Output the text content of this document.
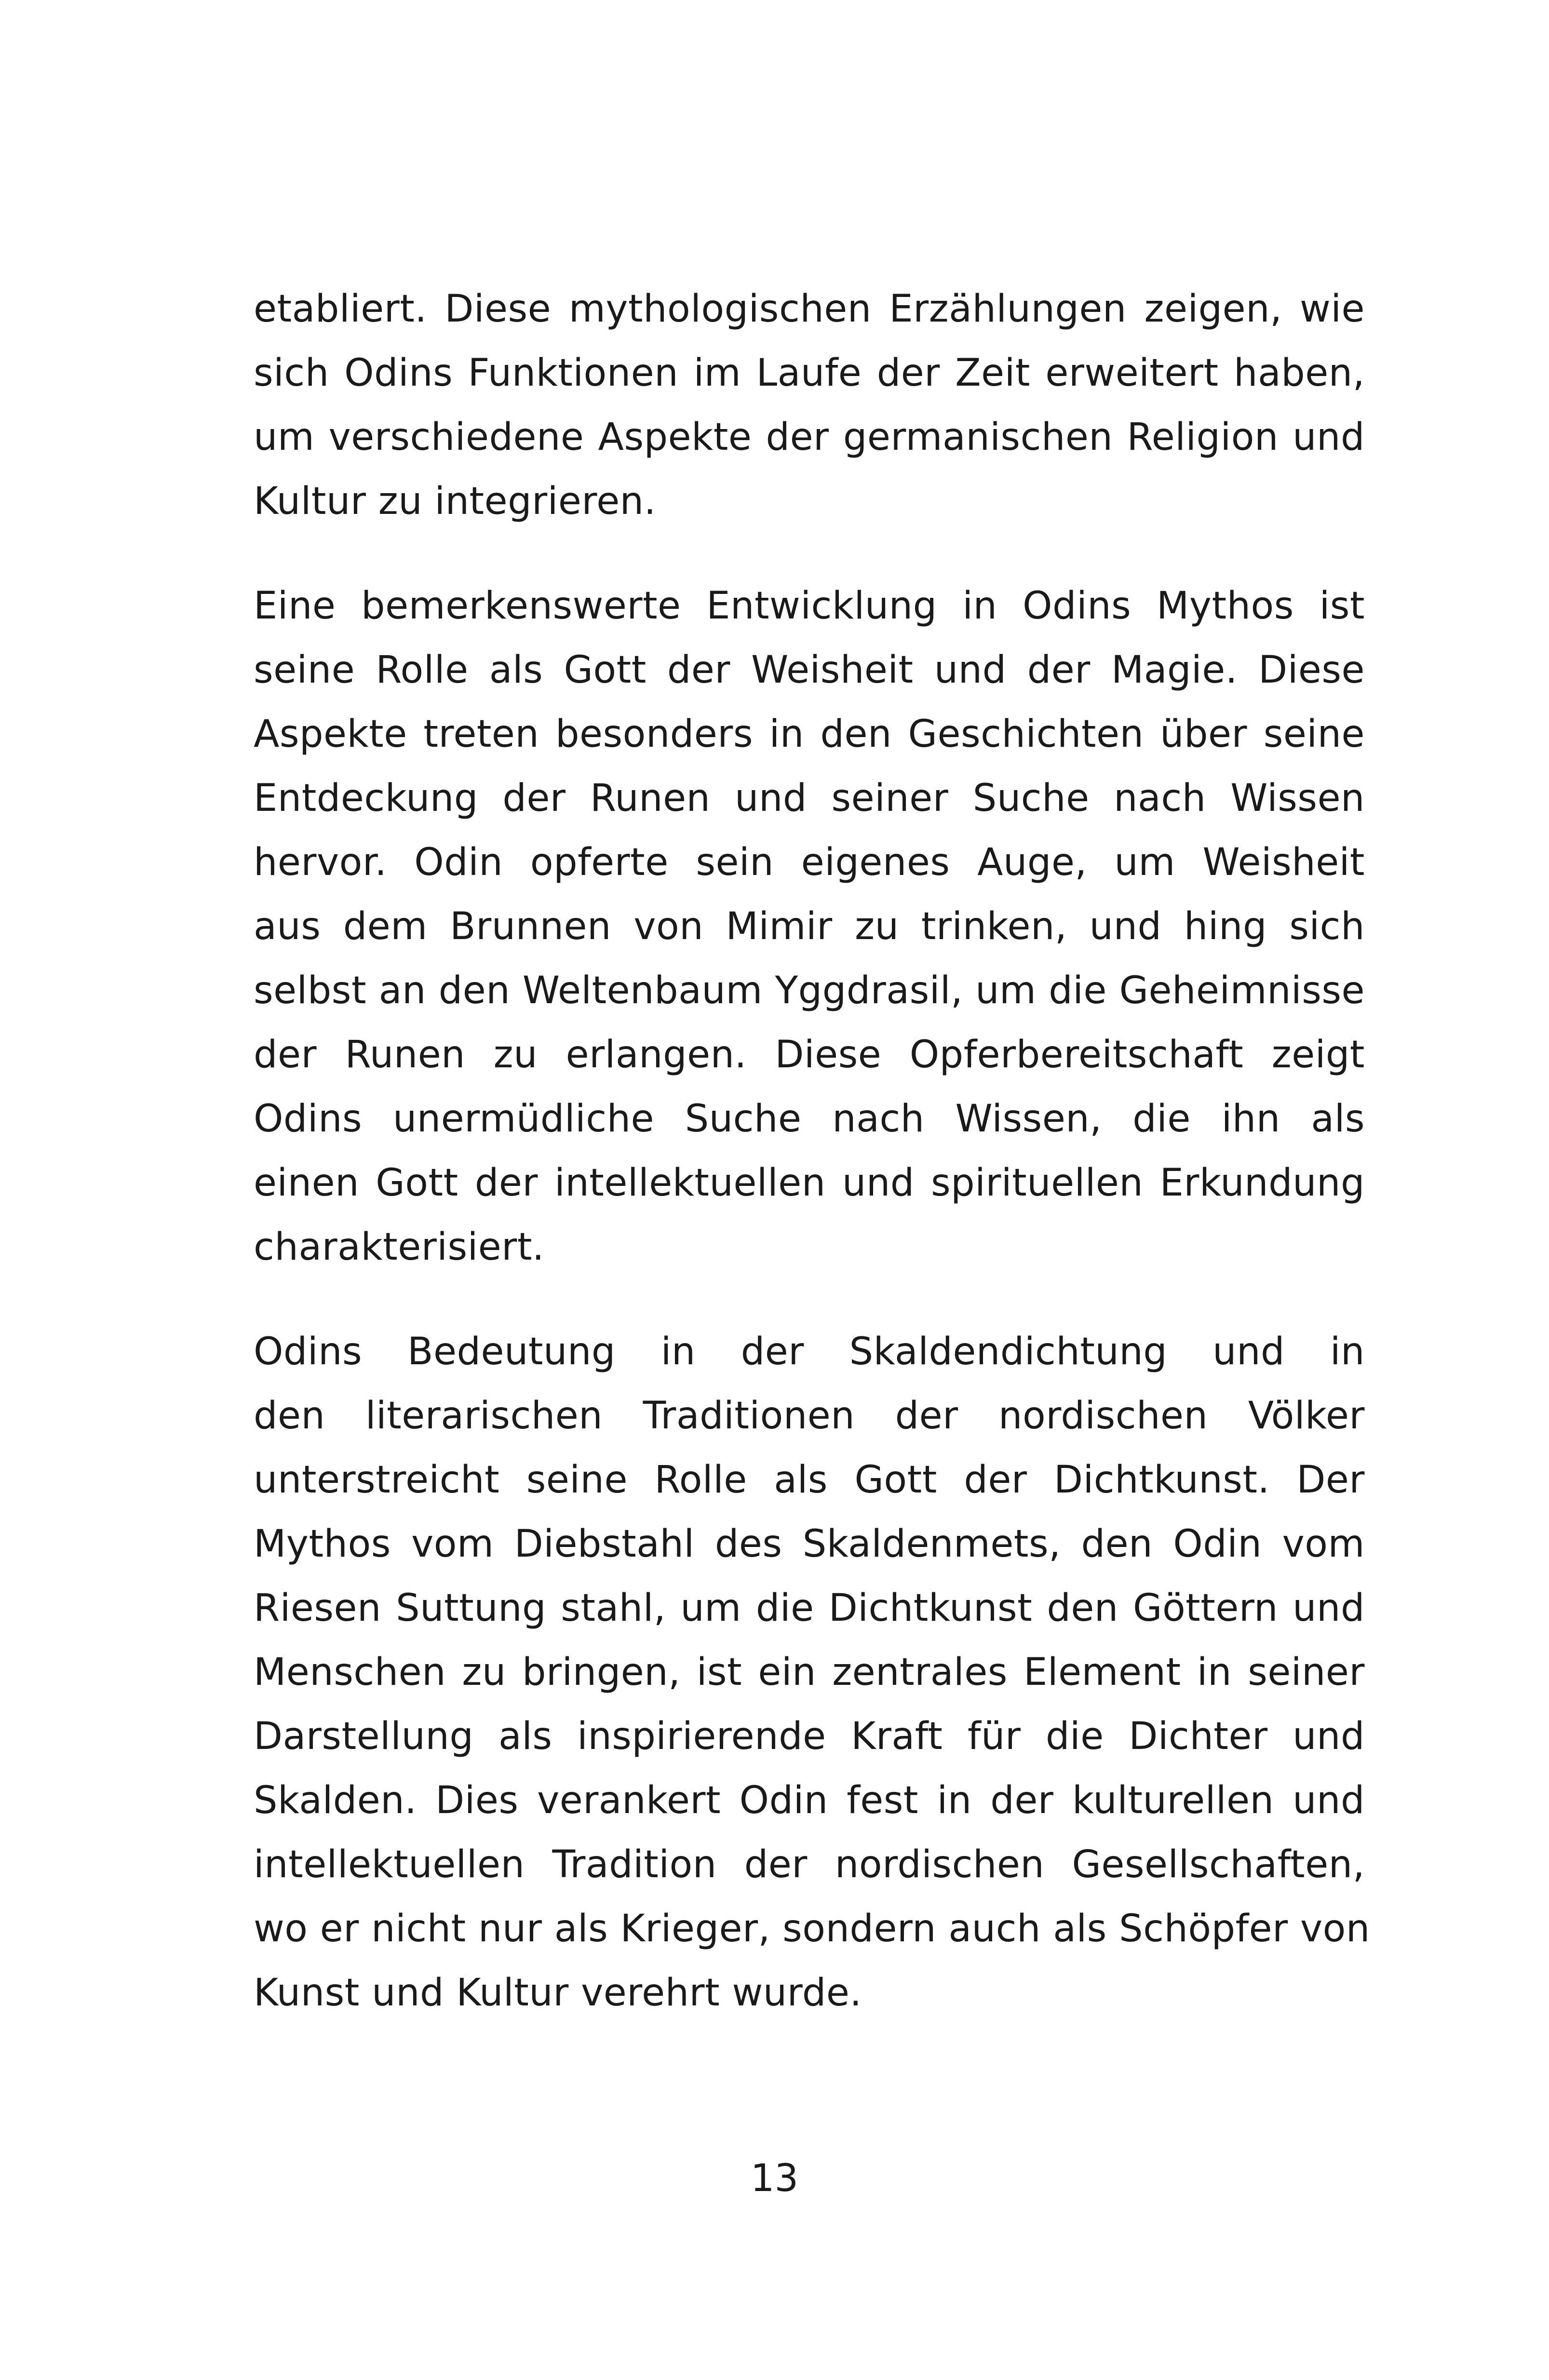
etabliert. Diese mythologischen Erzählungen zeigen, wie
sich Odins Funktionen im Laufe der Zeit erweitert haben,
um verschiedene Aspekte der germanischen Religion und
Kultur zu integrieren.

Eine bemerkenswerte Entwicklung in Odins Mythos ist
seine Rolle als Gott der Weisheit und der Magie. Diese
Aspekte treten besonders in den Geschichten über seine
Entdeckung der Runen und seiner Suche nach Wissen
hervor. Odin opferte sein eigenes Auge, um Weisheit
aus dem Brunnen von Mimir zu trinken, und hing sich
selbst an den Weltenbaum Yggdrasil, um die Geheimnisse
der Runen zu erlangen. Diese Opferbereitschaft zeigt
Odins unermüdliche Suche nach Wissen, die ihn als
einen Gott der intellektuellen und spirituellen Erkundung
charakterisiert.

Odins Bedeutung in der Skaldendichtung und in
den literarischen Traditionen der nordischen Völker
unterstreicht seine Rolle als Gott der Dichtkunst. Der
Mythos vom Diebstahl des Skaldenmets, den Odin vom
Riesen Suttung stahl, um die Dichtkunst den Göttern und
Menschen zu bringen, ist ein zentrales Element in seiner
Darstellung als inspirierende Kraft für die Dichter und
Skalden. Dies verankert Odin fest in der kulturellen und
intellektuellen Tradition der nordischen Gesellschaften,
wo er nicht nur als Krieger, sondern auch als Schöpfer von
Kunst und Kultur verehrt wurde.

13
